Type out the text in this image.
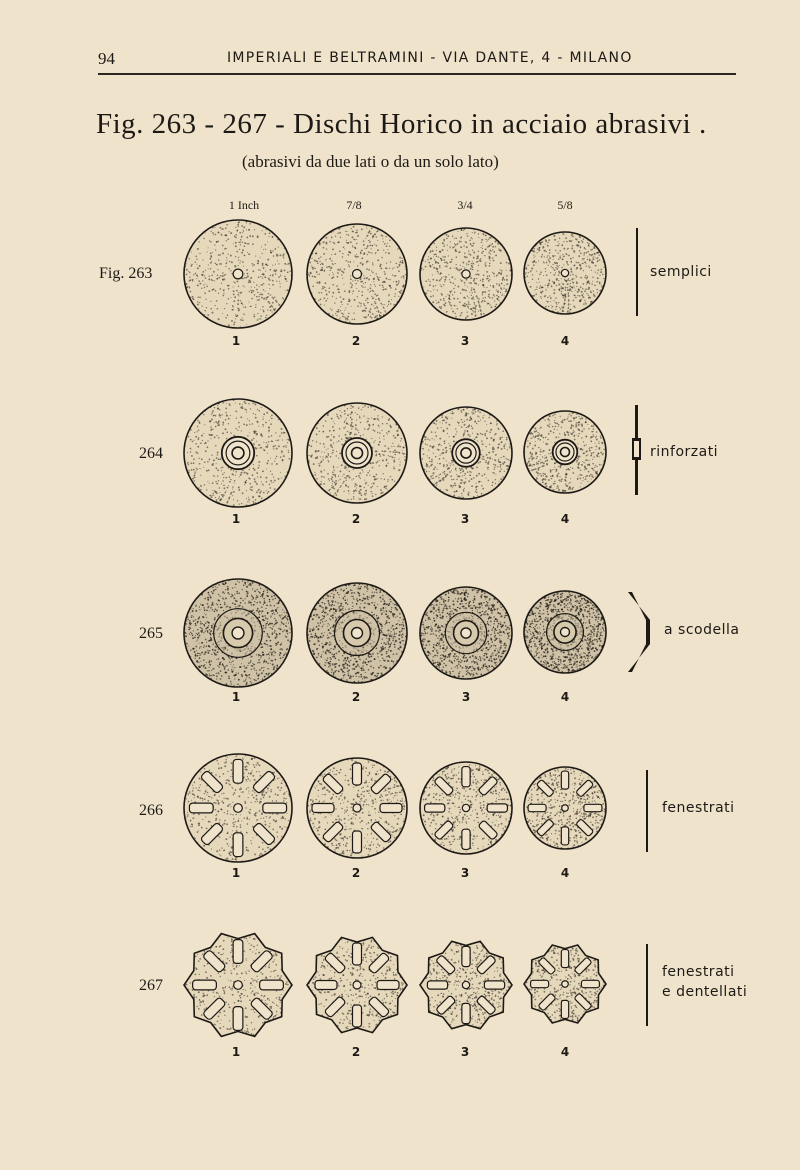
94	IMPERIALI E BELTRAMINI - VIA DANTE, 4 - MILANO
Fig. 263 - 267 - Dischi Horico in acciaio abrasivi .
(abrasivi da due lati o da un solo lato)
1 Inch	7/8	3/4	5/8
Fig. 263
1	2	3	4
semplici
264
1	2	3	4
rinforzati
265
1	2	3	4
a scodella
266
1	2	3	4
fenestrati
267
1	2	3	4
fenestrati
e dentellati
